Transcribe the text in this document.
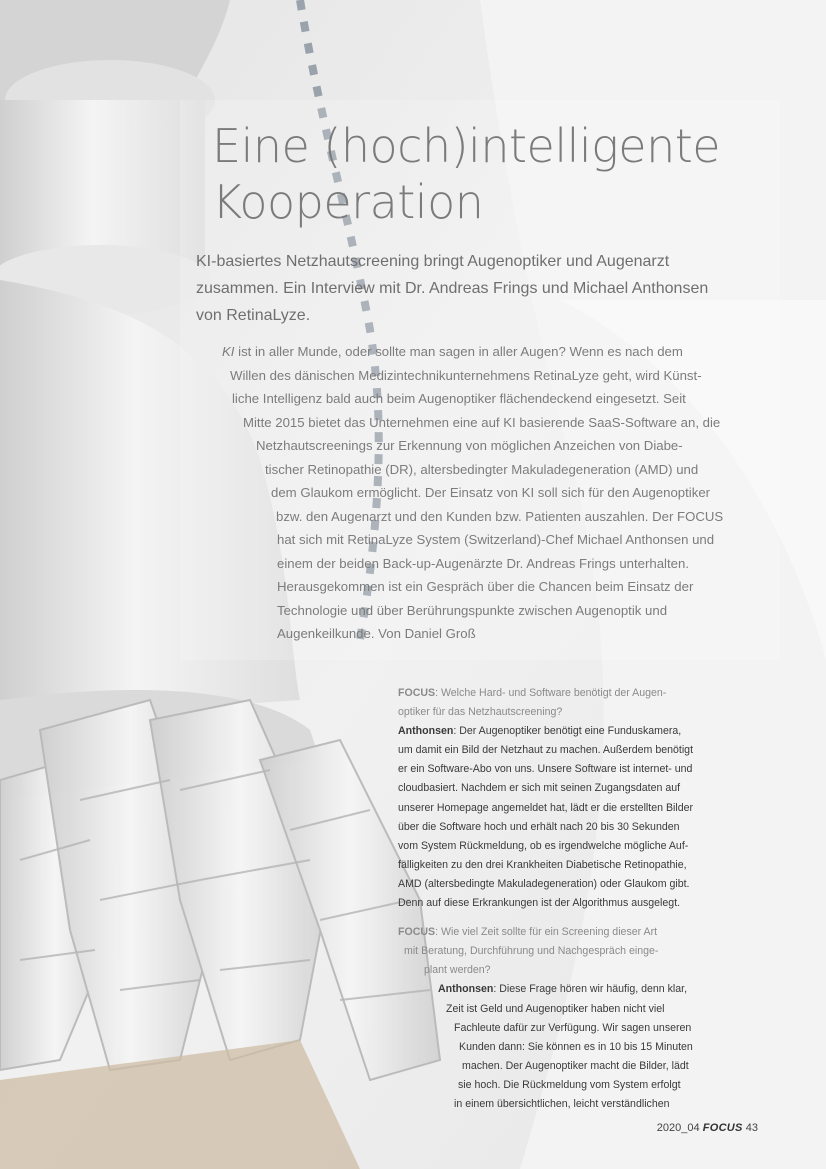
Eine (hoch)intelligente
Kooperation

KI-basiertes Netzhautscreening bringt Augenoptiker und Augenarzt
zusammen. Ein Interview mit Dr. Andreas Frings und Michael Anthonsen
von RetinaLyze.

KI ist in aller Munde, oder sollte man sagen in aller Augen? Wenn es nach dem
Willen des dänischen Medizintechnikunternehmens RetinaLyze geht, wird Künst-
liche Intelligenz bald auch beim Augenoptiker flächendeckend eingesetzt. Seit
Mitte 2015 bietet das Unternehmen eine auf KI basierende SaaS-Software an, die
Netzhautscreenings zur Erkennung von möglichen Anzeichen von Diabe-
tischer Retinopathie (DR), altersbedingter Makuladegeneration (AMD) und
dem Glaukom ermöglicht. Der Einsatz von KI soll sich für den Augenoptiker
bzw. den Augenarzt und den Kunden bzw. Patienten auszahlen. Der FOCUS
hat sich mit RetinaLyze System (Switzerland)-Chef Michael Anthonsen und
einem der beiden Back-up-Augenärzte Dr. Andreas Frings unterhalten.
Herausgekommen ist ein Gespräch über die Chancen beim Einsatz der
Technologie und über Berührungspunkte zwischen Augenoptik und
Augenkeilkunde. Von Daniel Groß

FOCUS: Welche Hard- und Software benötigt der Augen-
optiker für das Netzhautscreening?
Anthonsen: Der Augenoptiker benötigt eine Funduskamera,
um damit ein Bild der Netzhaut zu machen. Außerdem benötigt
er ein Software-Abo von uns. Unsere Software ist internet- und
cloudbasiert. Nachdem er sich mit seinen Zugangsdaten auf
unserer Homepage angemeldet hat, lädt er die erstellten Bilder
über die Software hoch und erhält nach 20 bis 30 Sekunden
vom System Rückmeldung, ob es irgendwelche mögliche Auf-
fälligkeiten zu den drei Krankheiten Diabetische Retinopathie,
AMD (altersbedingte Makuladegeneration) oder Glaukom gibt.
Denn auf diese Erkrankungen ist der Algorithmus ausgelegt.
FOCUS: Wie viel Zeit sollte für ein Screening dieser Art
mit Beratung, Durchführung und Nachgespräch einge-
plant werden?
Anthonsen: Diese Frage hören wir häufig, denn klar,
Zeit ist Geld und Augenoptiker haben nicht viel
Fachleute dafür zur Verfügung. Wir sagen unseren
Kunden dann: Sie können es in 10 bis 15 Minuten
machen. Der Augenoptiker macht die Bilder, lädt
sie hoch. Die Rückmeldung vom System erfolgt
in einem übersichtlichen, leicht verständlichen
2020_04 FOCUS 43
